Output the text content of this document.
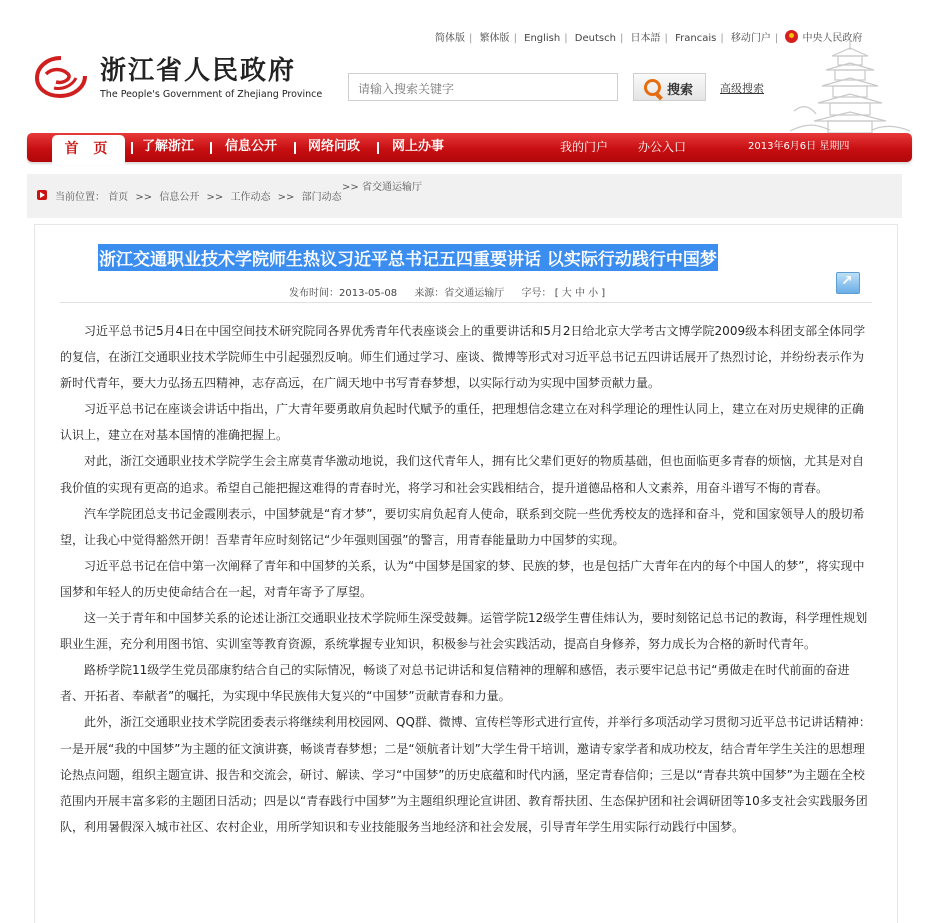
简体版 | 繁体版 | English | Deutsch | 日本語 | Francais | 移动门户 | 中央人民政府
浙江省人民政府
The People's Government of Zhejiang Province	请输入搜索关键字	搜索 高级搜索
首 页	了解浙江 信息公开 网络问政 网上办事	我的门户 办公入口	2013年6月6日 星期四
当前位置： 首页 >> 信息公开 >> 工作动态 >> 部门动态
>> 省交通运输厅
浙江交通职业技术学院师生热议习近平总书记五四重要讲话 以实际行动践行中国梦
发布时间：2013-05-08 来源：省交通运输厅 字号： [ 大 中 小 ]
↗

习近平总书记5月4日在中国空间技术研究院同各界优秀青年代表座谈会上的重要讲话和5月2日给北京大学考古文博学院2009级本科团支部全体同学的复信，在浙江交通职业技术学院师生中引起强烈反响。师生们通过学习、座谈、微博等形式对习近平总书记五四讲话展开了热烈讨论，并纷纷表示作为新时代青年，要大力弘扬五四精神，志存高远，在广阔天地中书写青春梦想，以实际行动为实现中国梦贡献力量。

习近平总书记在座谈会讲话中指出，广大青年要勇敢肩负起时代赋予的重任，把理想信念建立在对科学理论的理性认同上，建立在对历史规律的正确认识上，建立在对基本国情的准确把握上。

对此，浙江交通职业技术学院学生会主席莫青华激动地说，我们这代青年人，拥有比父辈们更好的物质基础，但也面临更多青春的烦恼，尤其是对自我价值的实现有更高的追求。希望自己能把握这难得的青春时光，将学习和社会实践相结合，提升道德品格和人文素养，用奋斗谱写不悔的青春。

汽车学院团总支书记金霞刚表示，中国梦就是“育才梦”，要切实肩负起育人使命，联系到交院一些优秀校友的选择和奋斗，党和国家领导人的殷切希望，让我心中觉得豁然开朗！吾辈青年应时刻铭记“少年强则国强”的警言，用青春能量助力中国梦的实现。

习近平总书记在信中第一次阐释了青年和中国梦的关系，认为“中国梦是国家的梦、民族的梦，也是包括广大青年在内的每个中国人的梦”，将实现中国梦和年轻人的历史使命结合在一起，对青年寄予了厚望。

这一关于青年和中国梦关系的论述让浙江交通职业技术学院师生深受鼓舞。运管学院12级学生曹佳炜认为，要时刻铭记总书记的教诲，科学理性规划职业生涯，充分利用图书馆、实训室等教育资源，系统掌握专业知识，积极参与社会实践活动，提高自身修养，努力成长为合格的新时代青年。

路桥学院11级学生党员邵康豹结合自己的实际情况，畅谈了对总书记讲话和复信精神的理解和感悟，表示要牢记总书记“勇做走在时代前面的奋进者、开拓者、奉献者”的嘱托，为实现中华民族伟大复兴的“中国梦”贡献青春和力量。

此外，浙江交通职业技术学院团委表示将继续利用校园网、QQ群、微博、宣传栏等形式进行宣传，并举行多项活动学习贯彻习近平总书记讲话精神：一是开展“我的中国梦”为主题的征文演讲赛，畅谈青春梦想；二是“领航者计划”大学生骨干培训，邀请专家学者和成功校友，结合青年学生关注的思想理论热点问题，组织主题宣讲、报告和交流会，研讨、解读、学习“中国梦”的历史底蕴和时代内涵，坚定青春信仰；三是以“青春共筑中国梦”为主题在全校范围内开展丰富多彩的主题团日活动；四是以“青春践行中国梦”为主题组织理论宣讲团、教育帮扶团、生态保护团和社会调研团等10多支社会实践服务团队，利用暑假深入城市社区、农村企业，用所学知识和专业技能服务当地经济和社会发展，引导青年学生用实际行动践行中国梦。
